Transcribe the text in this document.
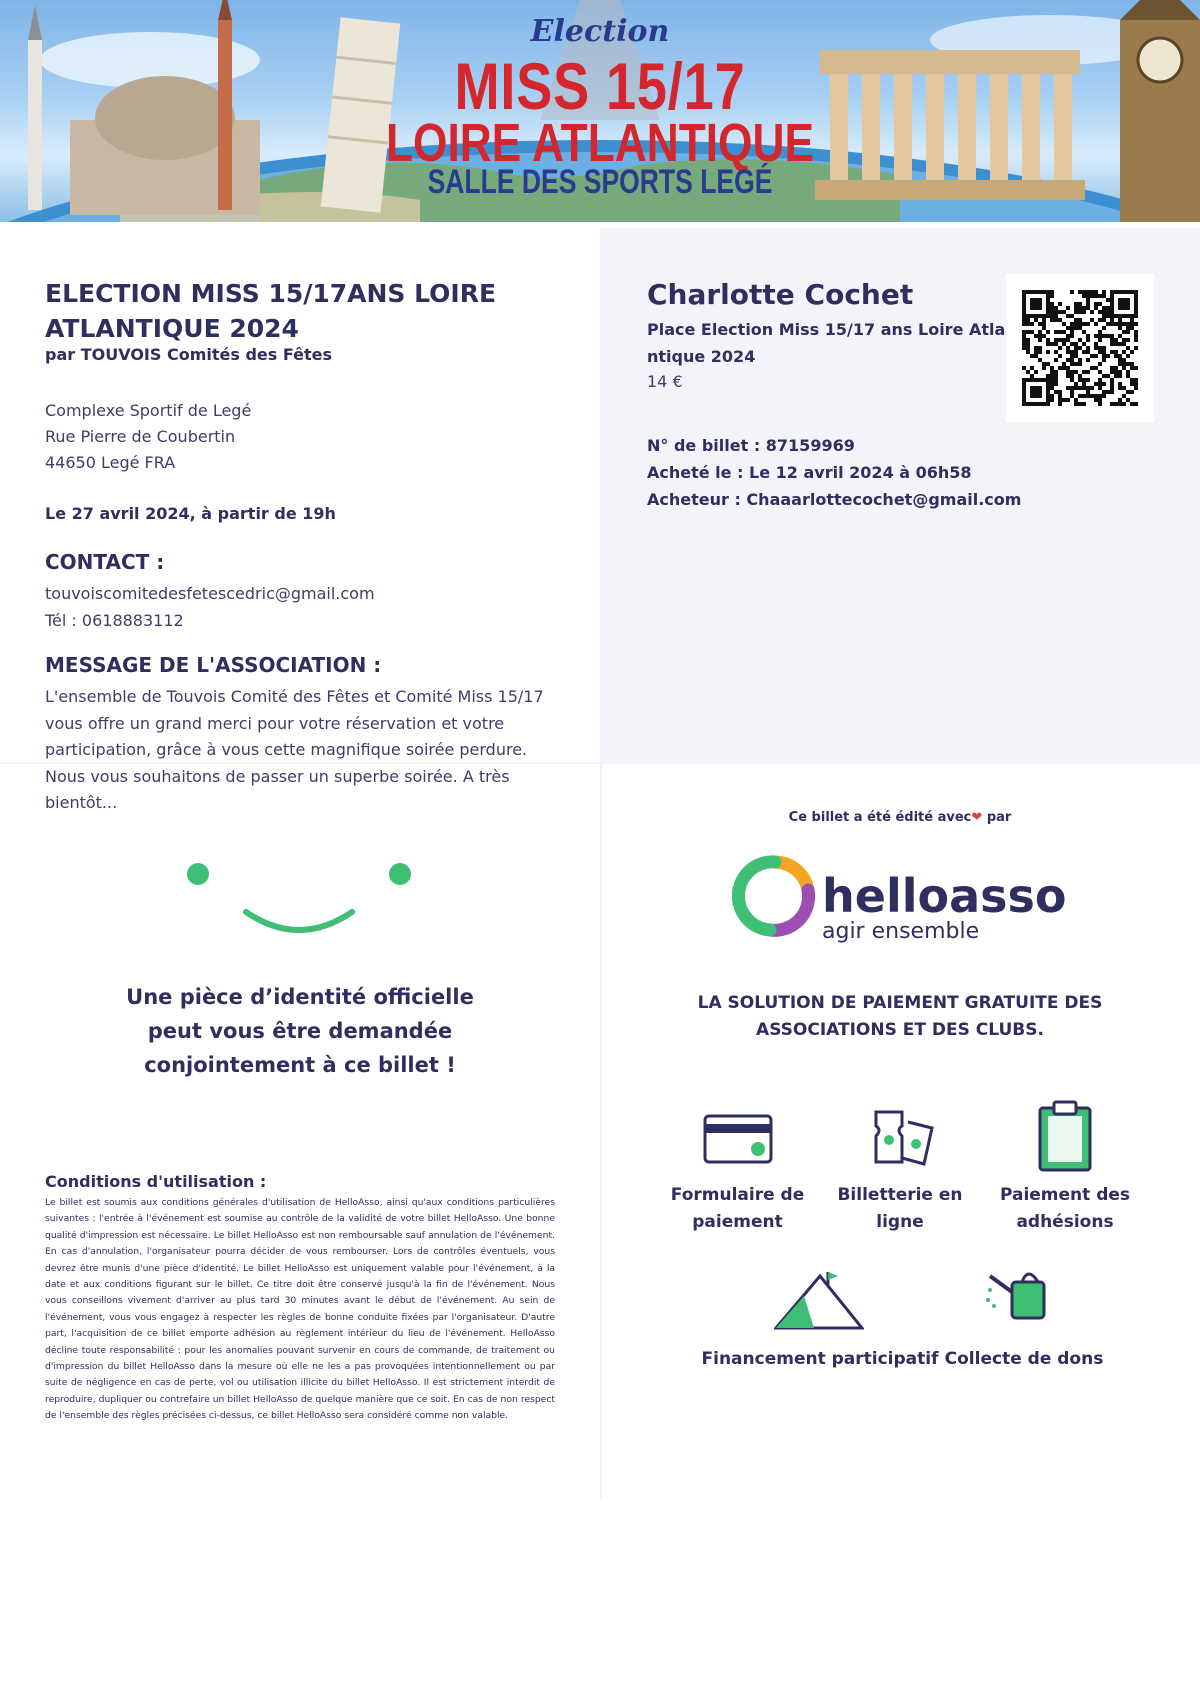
Election
MISS 15/17
LOIRE ATLANTIQUE
SALLE DES SPORTS LEGÉ
ELECTION MISS 15/17ANS LOIRE ATLANTIQUE 2024
par TOUVOIS Comités des Fêtes
Complexe Sportif de Legé
Rue Pierre de Coubertin
44650 Legé FRA
Le 27 avril 2024, à partir de 19h
CONTACT :
touvoiscomitedesfetescedric@gmail.com
Tél : 0618883112
MESSAGE DE L'ASSOCIATION :
L'ensemble de Touvois Comité des Fêtes et Comité Miss 15/17 vous offre un grand merci pour votre réservation et votre participation, grâce à vous cette magnifique soirée perdure. Nous vous souhaitons de passer un superbe soirée. A très bientôt...
Une pièce d’identité officielle peut vous être demandée conjointement à ce billet !
Conditions d'utilisation :
Le billet est soumis aux conditions générales d'utilisation de HelloAsso, ainsi qu'aux conditions particulières suivantes : l'entrée à l'événement est soumise au contrôle de la validité de votre billet HelloAsso. Une bonne qualité d'impression est nécessaire. Le billet HelloAsso est non remboursable sauf annulation de l'événement. En cas d'annulation, l'organisateur pourra décider de vous rembourser. Lors de contrôles éventuels, vous devrez être munis d'une pièce d'identité. Le billet HelloAsso est uniquement valable pour l'événement, à la date et aux conditions figurant sur le billet. Ce titre doit être conservé jusqu'à la fin de l'événement. Nous vous conseillons vivement d'arriver au plus tard 30 minutes avant le début de l'événement. Au sein de l'événement, vous vous engagez à respecter les règles de bonne conduite fixées par l'organisateur. D'autre part, l'acquisition de ce billet emporte adhésion au règlement intérieur du lieu de l'événement. HelloAsso décline toute responsabilité : pour les anomalies pouvant survenir en cours de commande, de traitement ou d'impression du billet HelloAsso dans la mesure où elle ne les a pas provoquées intentionnellement ou par suite de négligence en cas de perte, vol ou utilisation illicite du billet HelloAsso. Il est strictement interdit de reproduire, dupliquer ou contrefaire un billet HelloAsso de quelque manière que ce soit. En cas de non respect de l'ensemble des règles précisées ci-dessus, ce billet HelloAsso sera considéré comme non valable.
Charlotte Cochet
Place Election Miss 15/17 ans Loire Atlantique 2024
14 €
N° de billet : 87159969
Acheté le : Le 12 avril 2024 à 06h58
Acheteur : Chaaarlottecochet@gmail.com
Ce billet a été édité avec❤ par
helloasso
agir ensemble
LA SOLUTION DE PAIEMENT GRATUITE DES ASSOCIATIONS ET DES CLUBS.
Formulaire de paiement
Billetterie en ligne
Paiement des adhésions
Financement participatif Collecte de dons
